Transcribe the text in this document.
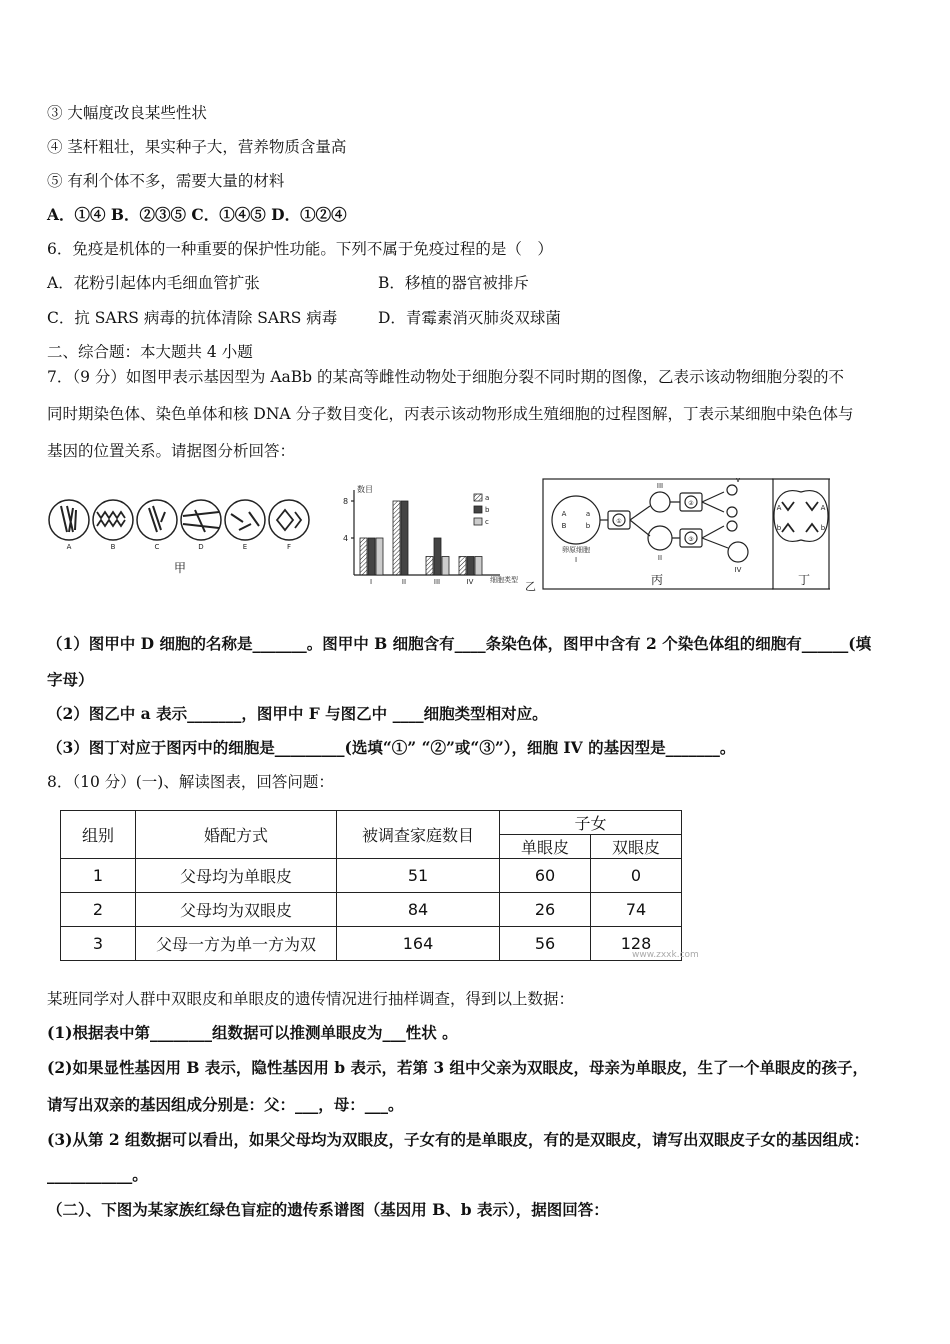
③ 大幅度改良某些性状
④ 茎杆粗壮，果实种子大，营养物质含量高
⑤ 有利个体不多，需要大量的材料
A．①④ B．②③⑤ C．①④⑤ D．①②④
6．免疫是机体的一种重要的保护性功能。下列不属于免疫过程的是（　）
A．花粉引起体内毛细血管扩张	B．移植的器官被排斥
C．抗 SARS 病毒的抗体清除 SARS 病毒	D．青霉素消灭肺炎双球菌
二、综合题：本大题共 4 小题
7．（9 分）如图甲表示基因型为 AaBb 的某高等雌性动物处于细胞分裂不同时期的图像，乙表示该动物细胞分裂的不
同时期染色体、染色单体和核 DNA 分子数目变化，丙表示该动物形成生殖细胞的过程图解，丁表示某细胞中染色体与
基因的位置关系。请据图分析回答：
A	B	C	D	E	F
甲
数目
8
4
细胞类型 乙
I	II	III	IV
a
b
c
A
B
a
b
卵原细胞
I
①
②
③
III
II
IV
V
丙
A	A
b	b
丁
（1）图甲中 D 细胞的名称是_______。图甲中 B 细胞含有____条染色体，图甲中含有 2 个染色体组的细胞有______(填
字母）
（2）图乙中 a 表示_______，图甲中 F 与图乙中 ____细胞类型相对应。
（3）图丁对应于图丙中的细胞是_________(选填“①” “②”或“③”），细胞 IV 的基因型是_______。
8．（10 分）(一)、解读图表，回答问题：
组别	婚配方式	被调查家庭数目	子女	
			单眼皮	双眼皮
1	父母均为单眼皮	51	60	0
2	父母均为双眼皮	84	26	74
3	父母一方为单一方为双	164	56	128
www.zxxk.com
某班同学对人群中双眼皮和单眼皮的遗传情况进行抽样调查，得到以上数据：
(1)根据表中第________组数据可以推测单眼皮为___性状 。
(2)如果显性基因用 B 表示，隐性基因用 b 表示，若第 3 组中父亲为双眼皮，母亲为单眼皮，生了一个单眼皮的孩子，
请写出双亲的基因组成分别是：父：___，母：___。
(3)从第 2 组数据可以看出，如果父母均为双眼皮，子女有的是单眼皮，有的是双眼皮，请写出双眼皮子女的基因组成：
___________。
（二）、下图为某家族红绿色盲症的遗传系谱图（基因用 B、b 表示），据图回答：
